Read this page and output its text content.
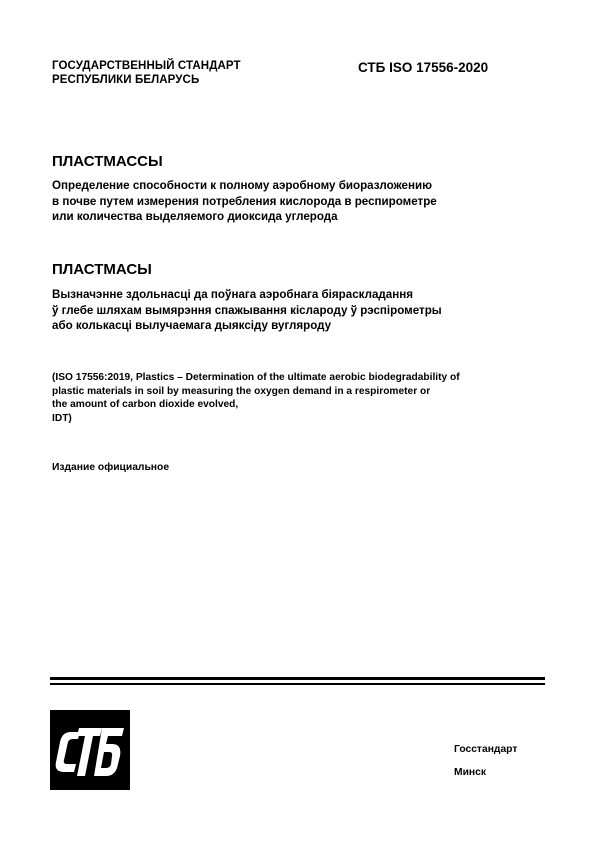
ГОСУДАРСТВЕННЫЙ СТАНДАРТ
РЕСПУБЛИКИ БЕЛАРУСЬ
СТБ ISO 17556-2020
ПЛАСТМАССЫ
Определение способности к полному аэробному биоразложению
в почве путем измерения потребления кислорода в респирометре
или количества выделяемого диоксида углерода
ПЛАСТМАСЫ
Вызначэнне здольнасці да поўнага аэробнага біяраскладання
ў глебе шляхам вымярэння спажывання кіслароду ў рэспірометры
або колькасці вылучаемага дыяксіду вугляроду
(ISO 17556:2019, Plastics – Determination of the ultimate aerobic biodegradability of
plastic materials in soil by measuring the oxygen demand in a respirometer or
the amount of carbon dioxide evolved,
IDT)
Издание официальное
Госстандарт
Минск
